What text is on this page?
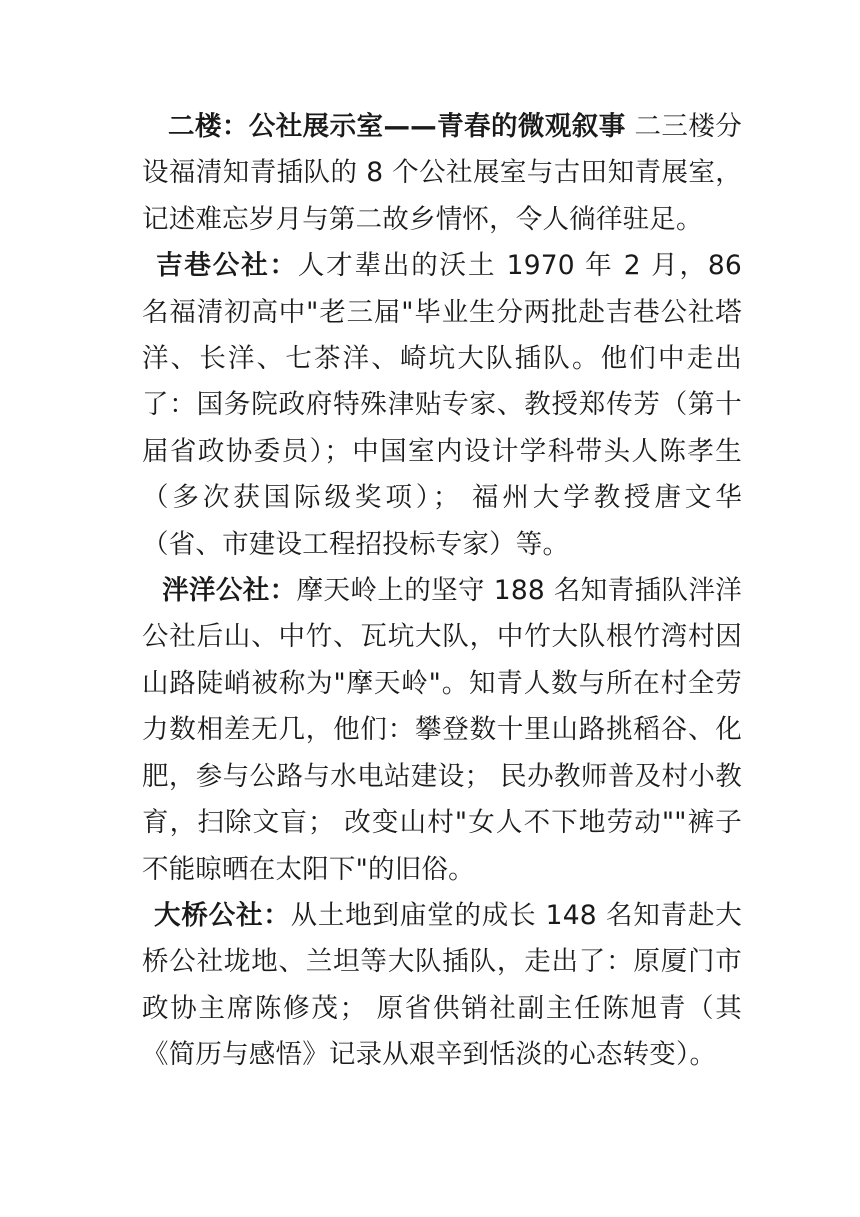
二楼：公社展示室——青春的微观叙事 二三楼分设福清知青插队的 8 个公社展室与古田知青展室，记述难忘岁月与第二故乡情怀，令人徜徉驻足。

吉巷公社：人才辈出的沃土 1970 年 2 月，86 名福清初高中"老三届"毕业生分两批赴吉巷公社塔洋、长洋、七茶洋、崎坑大队插队。他们中走出了：国务院政府特殊津贴专家、教授郑传芳（第十届省政协委员）；中国室内设计学科带头人陈孝生（多次获国际级奖项）； 福州大学教授唐文华（省、市建设工程招投标专家）等。

泮洋公社：摩天岭上的坚守 188 名知青插队泮洋公社后山、中竹、瓦坑大队，中竹大队根竹湾村因山路陡峭被称为"摩天岭"。知青人数与所在村全劳力数相差无几，他们：攀登数十里山路挑稻谷、化肥，参与公路与水电站建设； 民办教师普及村小教育，扫除文盲； 改变山村"女人不下地劳动""裤子不能晾晒在太阳下"的旧俗。

大桥公社：从土地到庙堂的成长 148 名知青赴大桥公社垅地、兰坦等大队插队，走出了：原厦门市政协主席陈修茂； 原省供销社副主任陈旭青（其《简历与感悟》记录从艰辛到恬淡的心态转变）。
